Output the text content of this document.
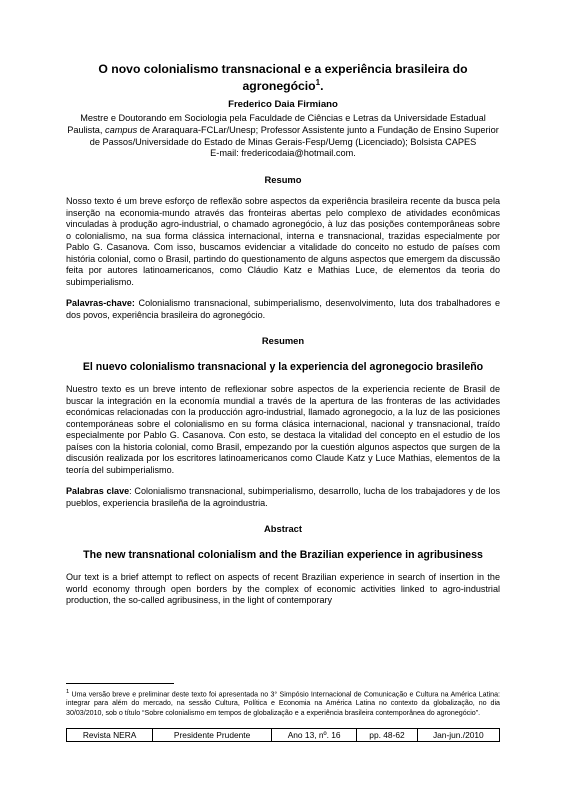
O novo colonialismo transnacional e a experiência brasileira do agronegócio$^1$.
Frederico Daia Firmiano
Mestre e Doutorando em Sociologia pela Faculdade de Ciências e Letras da Universidade Estadual Paulista, campus de Araraquara-FCLar/Unesp; Professor Assistente junto a Fundação de Ensino Superior de Passos/Universidade do Estado de Minas Gerais-Fesp/Uemg (Licenciado); Bolsista CAPES
E-mail: fredericodaia@hotmail.com.
Resumo

Nosso texto é um breve esforço de reflexão sobre aspectos da experiência brasileira recente da busca pela inserção na economia-mundo através das fronteiras abertas pelo complexo de atividades econômicas vinculadas à produção agro-industrial, o chamado agronegócio, à luz das posições contemporâneas sobre o colonialismo, na sua forma clássica internacional, interna e transnacional, trazidas especialmente por Pablo G. Casanova. Com isso, buscamos evidenciar a vitalidade do conceito no estudo de países com história colonial, como o Brasil, partindo do questionamento de alguns aspectos que emergem da discussão feita por autores latinoamericanos, como Cláudio Katz e Mathias Luce, de elementos da teoria do subimperialismo.

Palavras-chave: Colonialismo transnacional, subimperialismo, desenvolvimento, luta dos trabalhadores e dos povos, experiência brasileira do agronegócio.

Resumen
El nuevo colonialismo transnacional y la experiencia del agronegocio brasileño

Nuestro texto es un breve intento de reflexionar sobre aspectos de la experiencia reciente de Brasil de buscar la integración en la economía mundial a través de la apertura de las fronteras de las actividades económicas relacionadas con la producción agro-industrial, llamado agronegocio, a la luz de las posiciones contemporáneas sobre el colonialismo en su forma clásica internacional, nacional y transnacional, traído especialmente por Pablo G. Casanova. Con esto, se destaca la vitalidad del concepto en el estudio de los países con la historia colonial, como Brasil, empezando por la cuestión algunos aspectos que surgen de la discusión realizada por los escritores latinoamericanos como Claude Katz y Luce Mathias, elementos de la teoría del subimperialismo.

Palabras clave: Colonialismo transnacional, subimperialismo, desarrollo, lucha de los trabajadores y de los pueblos, experiencia brasileña de la agroindustria.

Abstract
The new transnational colonialism and the Brazilian experience in agribusiness

Our text is a brief attempt to reflect on aspects of recent Brazilian experience in search of insertion in the world economy through open borders by the complex of economic activities linked to agro-industrial production, the so-called agribusiness, in the light of contemporary

$^1$ Uma versão breve e preliminar deste texto foi apresentada no 3° Simpósio Internacional de Comunicação e Cultura na América Latina: integrar para além do mercado, na sessão Cultura, Política e Economia na América Latina no contexto da globalização, no dia 30/03/2010, sob o título “Sobre colonialismo em tempos de globalização e a experiência brasileira contemporânea do agronegócio”.
Revista NERA	Presidente Prudente	Ano 13, nº. 16	pp. 48-62	Jan-jun./2010
